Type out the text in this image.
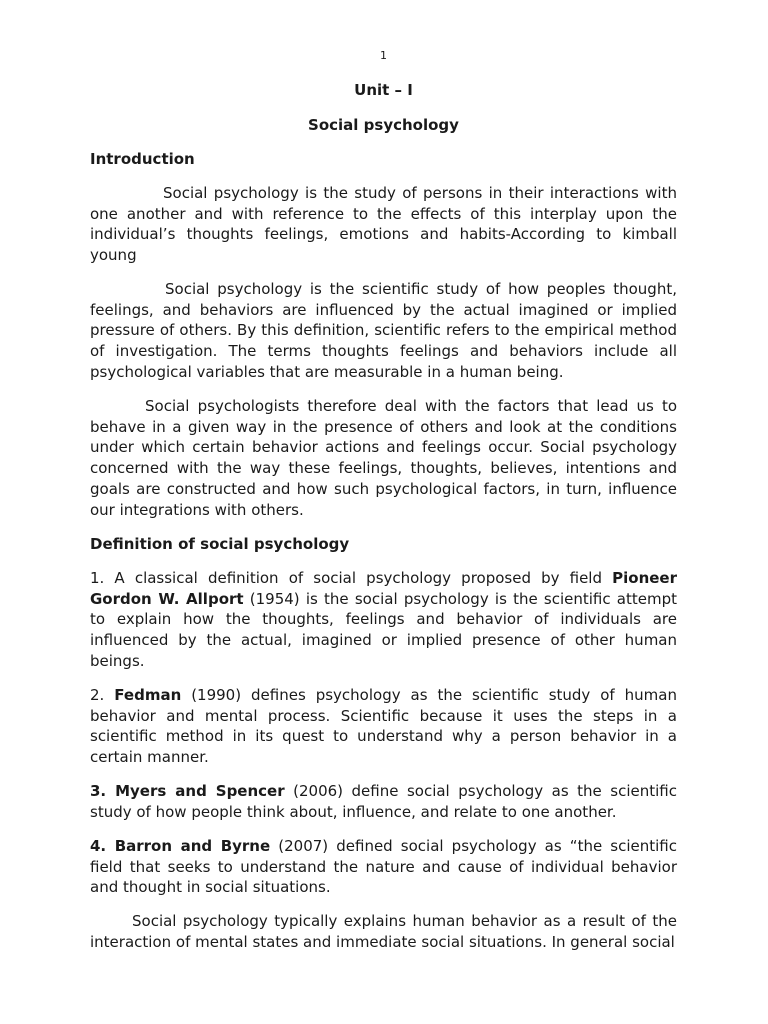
1
Unit – I
Social psychology
Introduction

Social psychology is the study of persons in their interactions with one another and with reference to the effects of this interplay upon the individual’s thoughts feelings, emotions and habits-According to kimball young

Social psychology is the scientific study of how peoples thought, feelings, and behaviors are influenced by the actual imagined or implied pressure of others. By this definition, scientific refers to the empirical method of investigation. The terms thoughts feelings and behaviors include all psychological variables that are measurable in a human being.

Social psychologists therefore deal with the factors that lead us to behave in a given way in the presence of others and look at the conditions under which certain behavior actions and feelings occur. Social psychology concerned with the way these feelings, thoughts, believes, intentions and goals are constructed and how such psychological factors, in turn, influence our integrations with others.

Definition of social psychology

1. A classical definition of social psychology proposed by field Pioneer Gordon W. Allport (1954) is the social psychology is the scientific attempt to explain how the thoughts, feelings and behavior of individuals are influenced by the actual, imagined or implied presence of other human beings.

2. Fedman (1990) defines psychology as the scientific study of human behavior and mental process. Scientific because it uses the steps in a scientific method in its quest to understand why a person behavior in a certain manner.

3. Myers and Spencer (2006) define social psychology as the scientific study of how people think about, influence, and relate to one another.

4. Barron and Byrne (2007) defined social psychology as “the scientific field that seeks to understand the nature and cause of individual behavior and thought in social situations.

Social psychology typically explains human behavior as a result of the interaction of mental states and immediate social situations. In general social
